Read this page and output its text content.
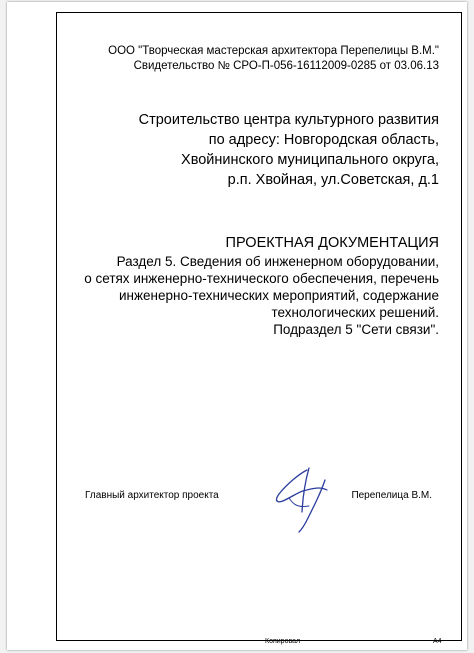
ООО "Творческая мастерская архитектора Перепелицы В.М."
Свидетельство № СРО-П-056-16112009-0285 от 03.06.13
Строительство центра культурного развития
по адресу: Новгородская область,
Хвойнинского муниципального округа,
р.п. Хвойная, ул.Советская, д.1
ПРОЕКТНАЯ ДОКУМЕНТАЦИЯ
Раздел 5. Сведения об инженерном оборудовании,
о сетях инженерно-технического обеспечения, перечень
инженерно-технических мероприятий, содержание
технологических решений.
Подраздел 5 "Сети связи".
Главный архитектор проекта	Перепелица В.М.
Копировал	А4
